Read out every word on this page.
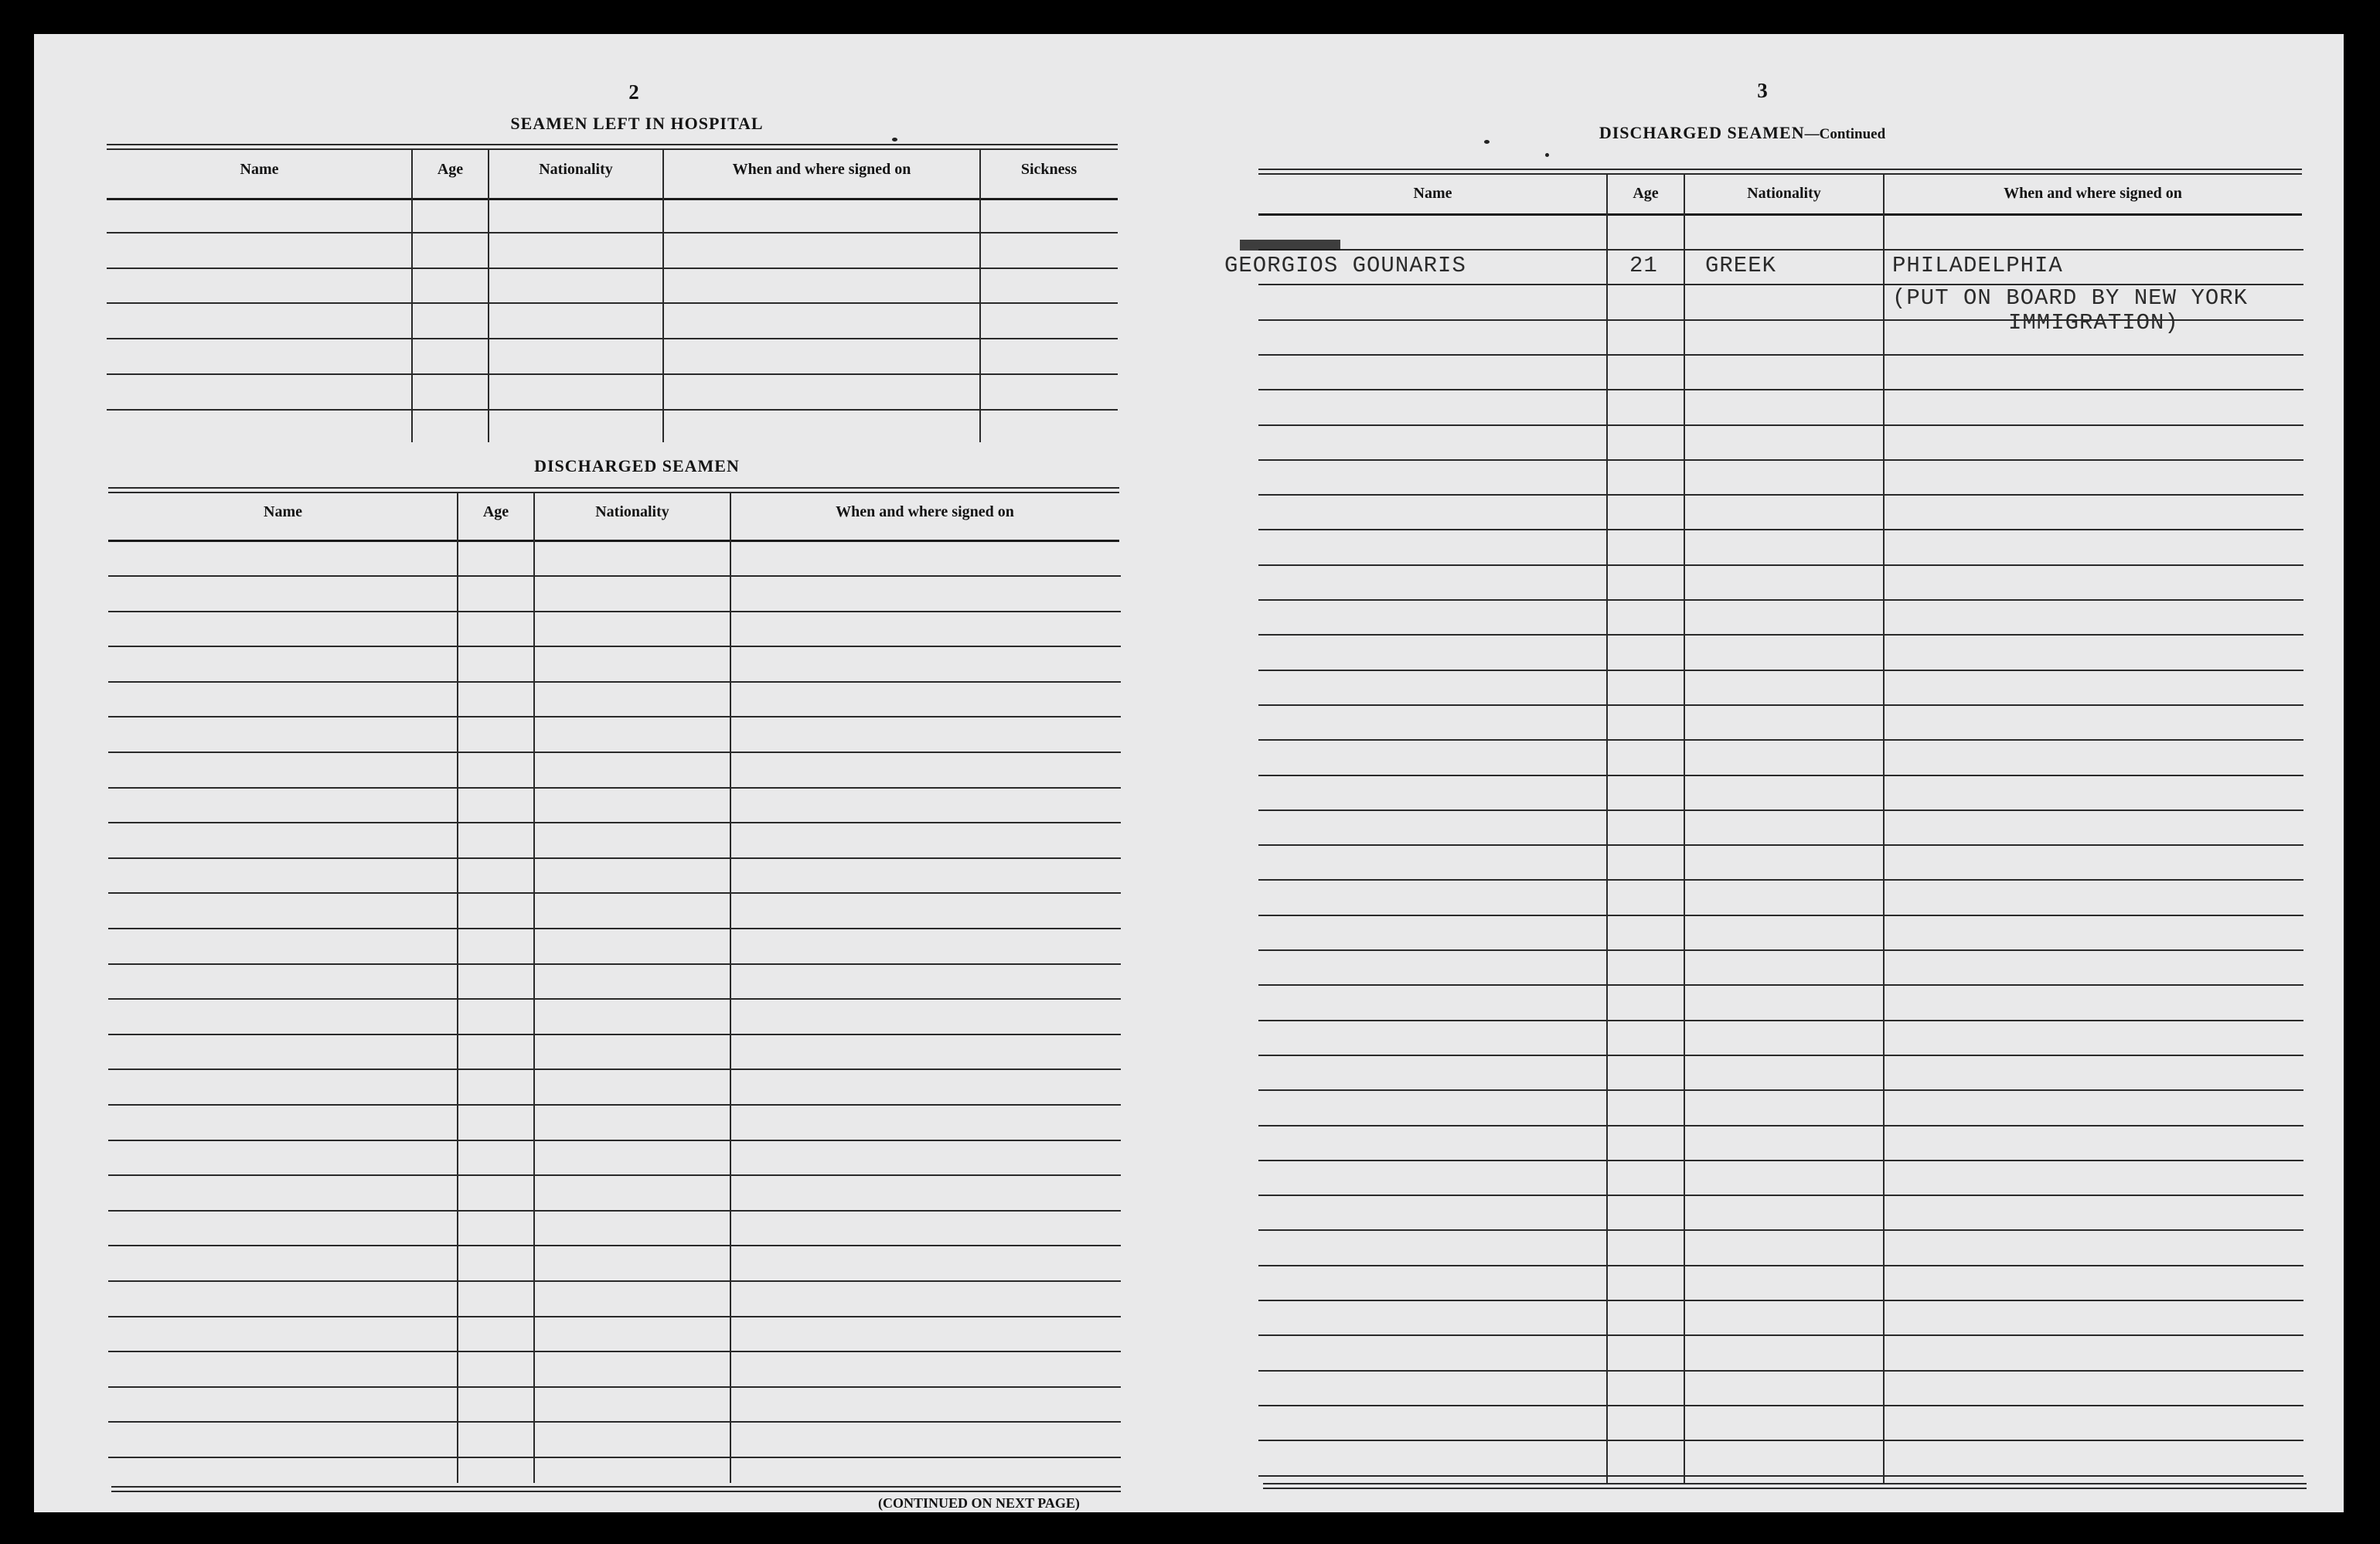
2
SEAMEN LEFT IN HOSPITAL
Name	Age	Nationality	When and where signed on	Sickness
DISCHARGED SEAMEN
Name	Age	Nationality	When and where signed on
(CONTINUED ON NEXT PAGE)
3
DISCHARGED SEAMEN—Continued
Name	Age	Nationality	When and where signed on
GEORGIOS GOUNARIS	21 GREEK	PHILADELPHIA
(PUT ON BOARD BY NEW YORK
IMMIGRATION)
